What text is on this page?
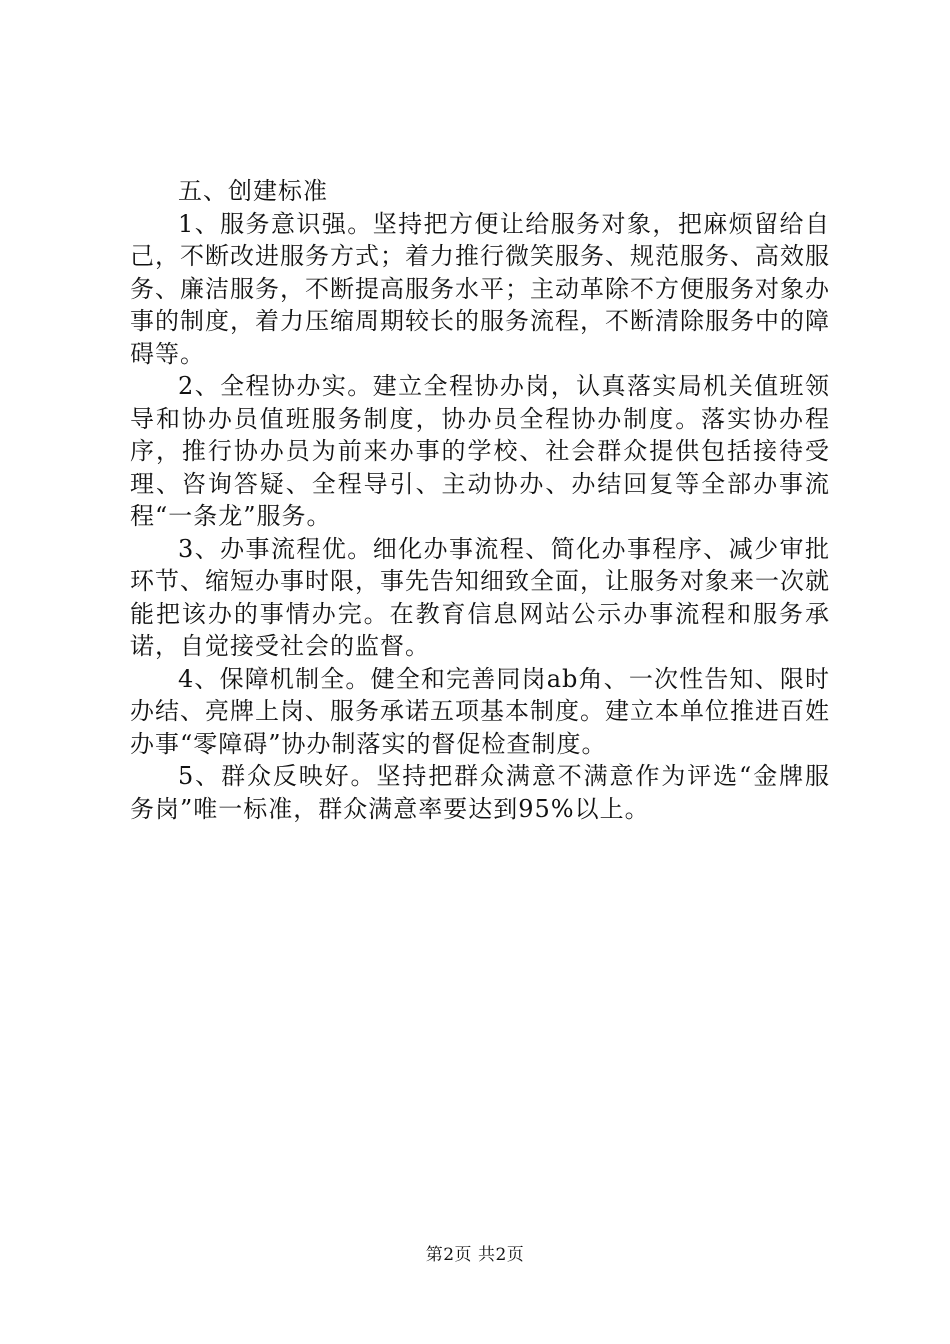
五、创建标准

1、服务意识强。坚持把方便让给服务对象，把麻烦留给自己，不断改进服务方式；着力推行微笑服务、规范服务、高效服务、廉洁服务，不断提高服务水平；主动革除不方便服务对象办事的制度，着力压缩周期较长的服务流程，不断清除服务中的障碍等。

2、全程协办实。建立全程协办岗，认真落实局机关值班领导和协办员值班服务制度，协办员全程协办制度。落实协办程序，推行协办员为前来办事的学校、社会群众提供包括接待受理、咨询答疑、全程导引、主动协办、办结回复等全部办事流程“一条龙”服务。

3、办事流程优。细化办事流程、简化办事程序、减少审批环节、缩短办事时限，事先告知细致全面，让服务对象来一次就能把该办的事情办完。在教育信息网站公示办事流程和服务承诺，自觉接受社会的监督。

4、保障机制全。健全和完善同岗ab角、一次性告知、限时办结、亮牌上岗、服务承诺五项基本制度。建立本单位推进百姓办事“零障碍”协办制落实的督促检查制度。

5、群众反映好。坚持把群众满意不满意作为评选“金牌服务岗”唯一标准，群众满意率要达到95%以上。

第2页 共2页
